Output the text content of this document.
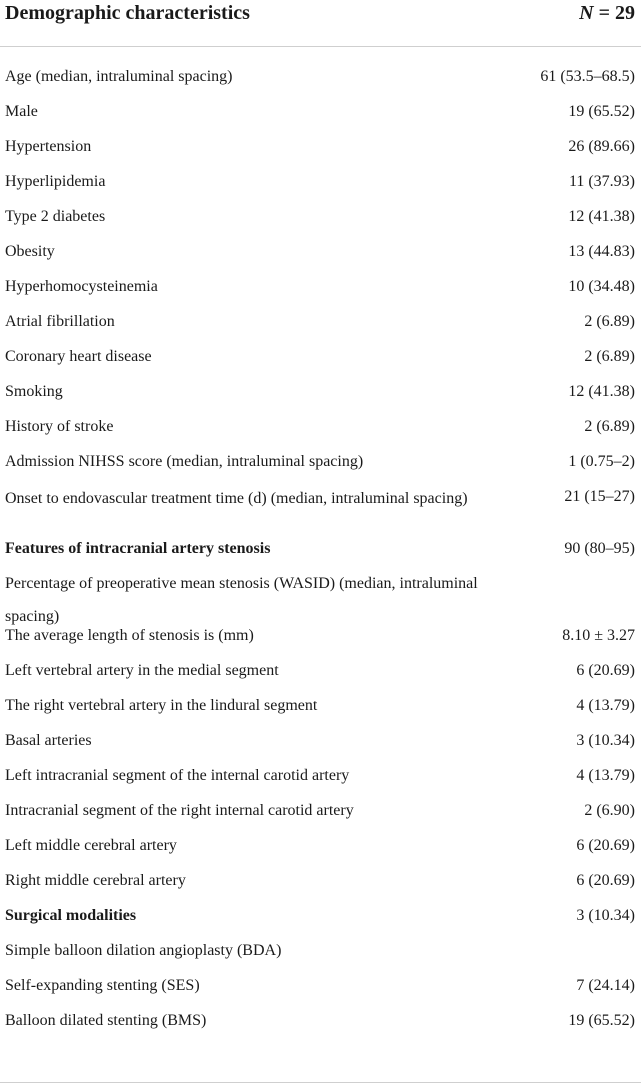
Demographic characteristics	N = 29
Age (median, intraluminal spacing)	61 (53.5–68.5)
Male	19 (65.52)
Hypertension	26 (89.66)
Hyperlipidemia	11 (37.93)
Type 2 diabetes	12 (41.38)
Obesity	13 (44.83)
Hyperhomocysteinemia	10 (34.48)
Atrial fibrillation	2 (6.89)
Coronary heart disease	2 (6.89)
Smoking	12 (41.38)
History of stroke	2 (6.89)
Admission NIHSS score (median, intraluminal spacing)	1 (0.75–2)
Onset to endovascular treatment time (d) (median, intraluminal spacing)	21 (15–27)
Features of intracranial artery stenosis	90 (80–95)
Percentage of preoperative mean stenosis (WASID) (median, intraluminal spacing)
The average length of stenosis is (mm)	8.10 ± 3.27
Left vertebral artery in the medial segment	6 (20.69)
The right vertebral artery in the lindural segment	4 (13.79)
Basal arteries	3 (10.34)
Left intracranial segment of the internal carotid artery	4 (13.79)
Intracranial segment of the right internal carotid artery	2 (6.90)
Left middle cerebral artery	6 (20.69)
Right middle cerebral artery	6 (20.69)
Surgical modalities	3 (10.34)
Simple balloon dilation angioplasty (BDA)
Self-expanding stenting (SES)	7 (24.14)
Balloon dilated stenting (BMS)	19 (65.52)
